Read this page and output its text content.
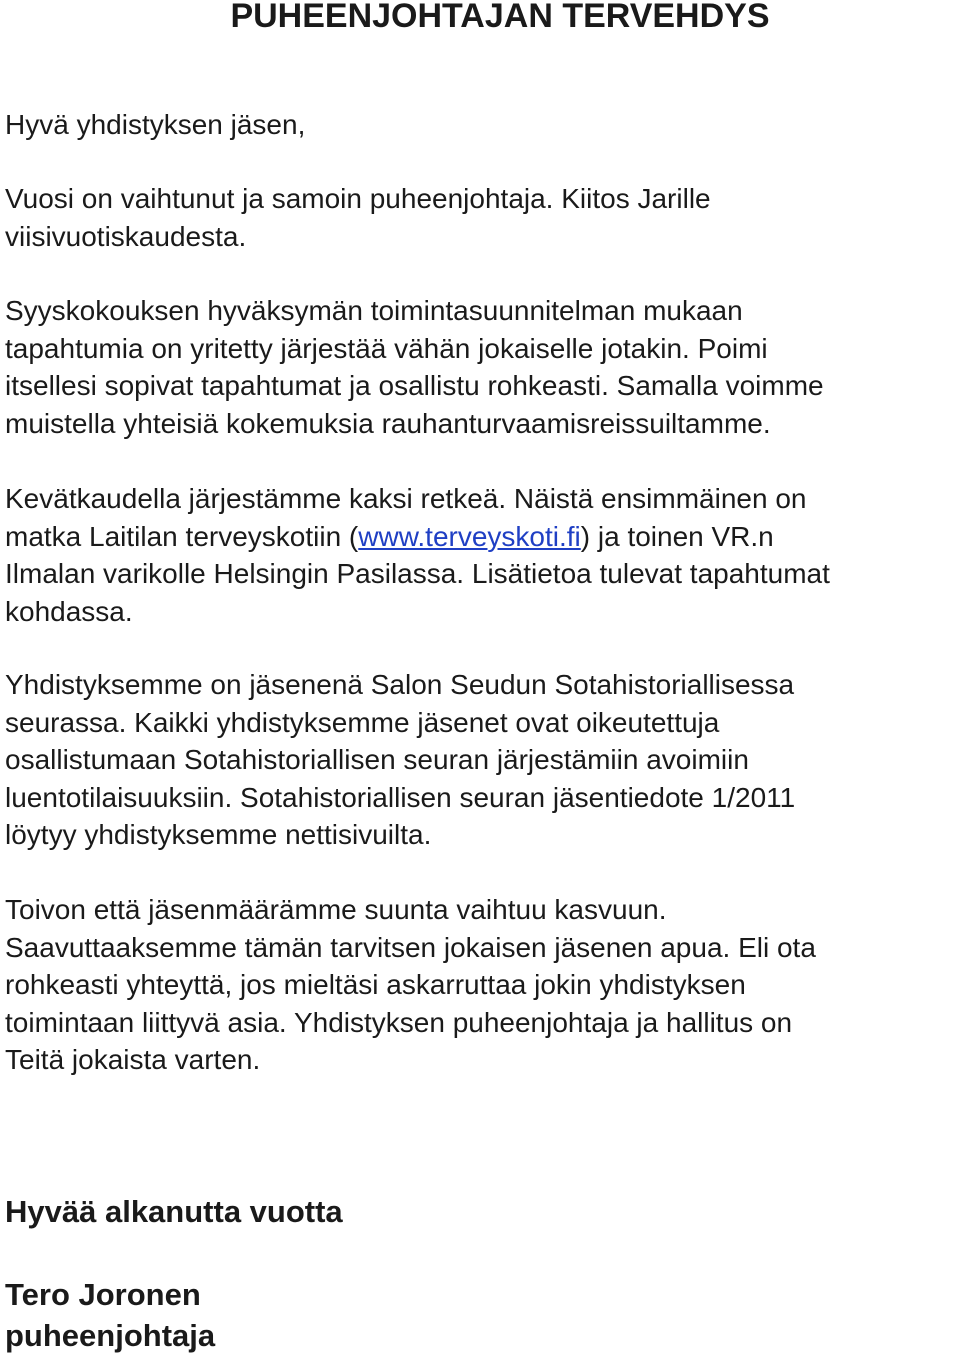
PUHEENJOHTAJAN TERVEHDYS

Hyvä yhdistyksen jäsen,

Vuosi on vaihtunut ja samoin puheenjohtaja. Kiitos Jarille
viisivuotiskaudesta.

Syyskokouksen hyväksymän toimintasuunnitelman mukaan
tapahtumia on yritetty järjestää vähän jokaiselle jotakin. Poimi
itsellesi sopivat tapahtumat ja osallistu rohkeasti. Samalla voimme
muistella yhteisiä kokemuksia rauhanturvaamisreissuiltamme.

Kevätkaudella järjestämme kaksi retkeä. Näistä ensimmäinen on
matka Laitilan terveyskotiin (www.terveyskoti.fi) ja toinen VR.n
Ilmalan varikolle Helsingin Pasilassa. Lisätietoa tulevat tapahtumat
kohdassa.

Yhdistyksemme on jäsenenä Salon Seudun Sotahistoriallisessa
seurassa. Kaikki yhdistyksemme jäsenet ovat oikeutettuja
osallistumaan Sotahistoriallisen seuran järjestämiin avoimiin
luentotilaisuuksiin. Sotahistoriallisen seuran jäsentiedote 1/2011
löytyy yhdistyksemme nettisivuilta.

Toivon että jäsenmäärämme suunta vaihtuu kasvuun.
Saavuttaaksemme tämän tarvitsen jokaisen jäsenen apua. Eli ota
rohkeasti yhteyttä, jos mieltäsi askarruttaa jokin yhdistyksen
toimintaan liittyvä asia. Yhdistyksen puheenjohtaja ja hallitus on
Teitä jokaista varten.

Hyvää alkanutta vuotta

Tero Joronen

puheenjohtaja
